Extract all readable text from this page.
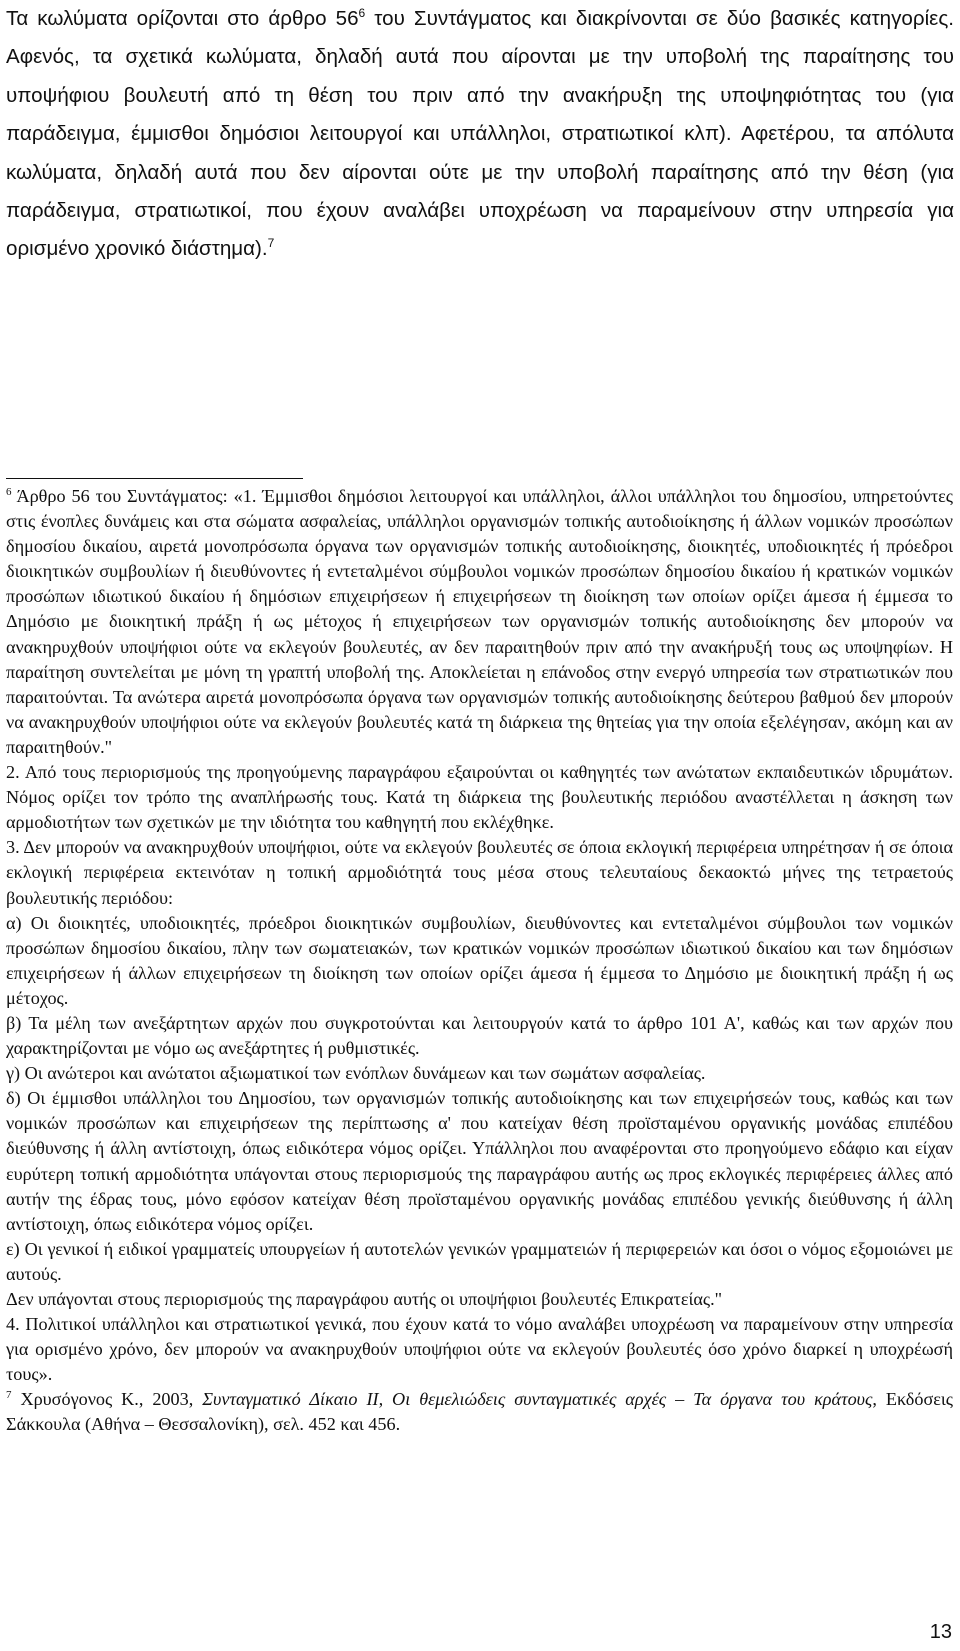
Τα κωλύματα ορίζονται στο άρθρο $56^6$ του Συντάγματος και διακρίνονται σε δύο βασικές κατηγορίες. Αφενός, τα σχετικά κωλύματα, δηλαδή αυτά που αίρονται με την υποβολή της παραίτησης του υποψήφιου βουλευτή από τη θέση του πριν από την ανακήρυξη της υποψηφιότητας του (για παράδειγμα, έμμισθοι δημόσιοι λειτουργοί και υπάλληλοι, στρατιωτικοί κλπ). Αφετέρου, τα απόλυτα κωλύματα, δηλαδή αυτά που δεν αίρονται ούτε με την υποβολή παραίτησης από την θέση (για παράδειγμα, στρατιωτικοί, που έχουν αναλάβει υποχρέωση να παραμείνουν στην υπηρεσία για ορισμένο χρονικό διάστημα).$^7$

$^6$ Άρθρο 56 του Συντάγματος: «1. Έμμισθοι δημόσιοι λειτουργοί και υπάλληλοι, άλλοι υπάλληλοι του δημοσίου, υπηρετούντες στις ένοπλες δυνάμεις και στα σώματα ασφαλείας, υπάλληλοι οργανισμών τοπικής αυτοδιοίκησης ή άλλων νομικών προσώπων δημοσίου δικαίου, αιρετά μονοπρόσωπα όργανα των οργανισμών τοπικής αυτοδιοίκησης, διοικητές, υποδιοικητές ή πρόεδροι διοικητικών συμβουλίων ή διευθύνοντες ή εντεταλμένοι σύμβουλοι νομικών προσώπων δημοσίου δικαίου ή κρατικών νομικών προσώπων ιδιωτικού δικαίου ή δημόσιων επιχειρήσεων ή επιχειρήσεων τη διοίκηση των οποίων ορίζει άμεσα ή έμμεσα το Δημόσιο με διοικητική πράξη ή ως μέτοχος ή επιχειρήσεων των οργανισμών τοπικής αυτοδιοίκησης δεν μπορούν να ανακηρυχθούν υποψήφιοι ούτε να εκλεγούν βουλευτές, αν δεν παραιτηθούν πριν από την ανακήρυξή τους ως υποψηφίων. Η παραίτηση συντελείται με μόνη τη γραπτή υποβολή της. Αποκλείεται η επάνοδος στην ενεργό υπηρεσία των στρατιωτικών που παραιτούνται. Τα ανώτερα αιρετά μονοπρόσωπα όργανα των οργανισμών τοπικής αυτοδιοίκησης δεύτερου βαθμού δεν μπορούν να ανακηρυχθούν υποψήφιοι ούτε να εκλεγούν βουλευτές κατά τη διάρκεια της θητείας για την οποία εξελέγησαν, ακόμη και αν παραιτηθούν."

2. Από τους περιορισμούς της προηγούμενης παραγράφου εξαιρούνται οι καθηγητές των ανώτατων εκπαιδευτικών ιδρυμάτων. Νόμος ορίζει τον τρόπο της αναπλήρωσής τους. Κατά τη διάρκεια της βουλευτικής περιόδου αναστέλλεται η άσκηση των αρμοδιοτήτων των σχετικών με την ιδιότητα του καθηγητή που εκλέχθηκε.

3. Δεν μπορούν να ανακηρυχθούν υποψήφιοι, ούτε να εκλεγούν βουλευτές σε όποια εκλογική περιφέρεια υπηρέτησαν ή σε όποια εκλογική περιφέρεια εκτεινόταν η τοπική αρμοδιότητά τους μέσα στους τελευταίους δεκαοκτώ μήνες της τετραετούς βουλευτικής περιόδου:

α) Οι διοικητές, υποδιοικητές, πρόεδροι διοικητικών συμβουλίων, διευθύνοντες και εντεταλμένοι σύμβουλοι των νομικών προσώπων δημοσίου δικαίου, πλην των σωματειακών, των κρατικών νομικών προσώπων ιδιωτικού δικαίου και των δημόσιων επιχειρήσεων ή άλλων επιχειρήσεων τη διοίκηση των οποίων ορίζει άμεσα ή έμμεσα το Δημόσιο με διοικητική πράξη ή ως μέτοχος.

β) Τα μέλη των ανεξάρτητων αρχών που συγκροτούνται και λειτουργούν κατά το άρθρο 101 Α', καθώς και των αρχών που χαρακτηρίζονται με νόμο ως ανεξάρτητες ή ρυθμιστικές.

γ) Οι ανώτεροι και ανώτατοι αξιωματικοί των ενόπλων δυνάμεων και των σωμάτων ασφαλείας.

δ) Οι έμμισθοι υπάλληλοι του Δημοσίου, των οργανισμών τοπικής αυτοδιοίκησης και των επιχειρήσεών τους, καθώς και των νομικών προσώπων και επιχειρήσεων της περίπτωσης α' που κατείχαν θέση προϊσταμένου οργανικής μονάδας επιπέδου διεύθυνσης ή άλλη αντίστοιχη, όπως ειδικότερα νόμος ορίζει. Υπάλληλοι που αναφέρονται στο προηγούμενο εδάφιο και είχαν ευρύτερη τοπική αρμοδιότητα υπάγονται στους περιορισμούς της παραγράφου αυτής ως προς εκλογικές περιφέρειες άλλες από αυτήν της έδρας τους, μόνο εφόσον κατείχαν θέση προϊσταμένου οργανικής μονάδας επιπέδου γενικής διεύθυνσης ή άλλη αντίστοιχη, όπως ειδικότερα νόμος ορίζει.

ε) Οι γενικοί ή ειδικοί γραμματείς υπουργείων ή αυτοτελών γενικών γραμματειών ή περιφερειών και όσοι ο νόμος εξομοιώνει με αυτούς.

Δεν υπάγονται στους περιορισμούς της παραγράφου αυτής οι υποψήφιοι βουλευτές Επικρατείας."

4. Πολιτικοί υπάλληλοι και στρατιωτικοί γενικά, που έχουν κατά το νόμο αναλάβει υποχρέωση να παραμείνουν στην υπηρεσία για ορισμένο χρόνο, δεν μπορούν να ανακηρυχθούν υποψήφιοι ούτε να εκλεγούν βουλευτές όσο χρόνο διαρκεί η υποχρέωσή τους».

$^7$ Χρυσόγονος Κ., 2003, Συνταγματικό Δίκαιο ΙΙ, Οι θεμελιώδεις συνταγματικές αρχές – Τα όργανα του κράτους, Εκδόσεις Σάκκουλα (Αθήνα – Θεσσαλονίκη), σελ. 452 και 456.

13
